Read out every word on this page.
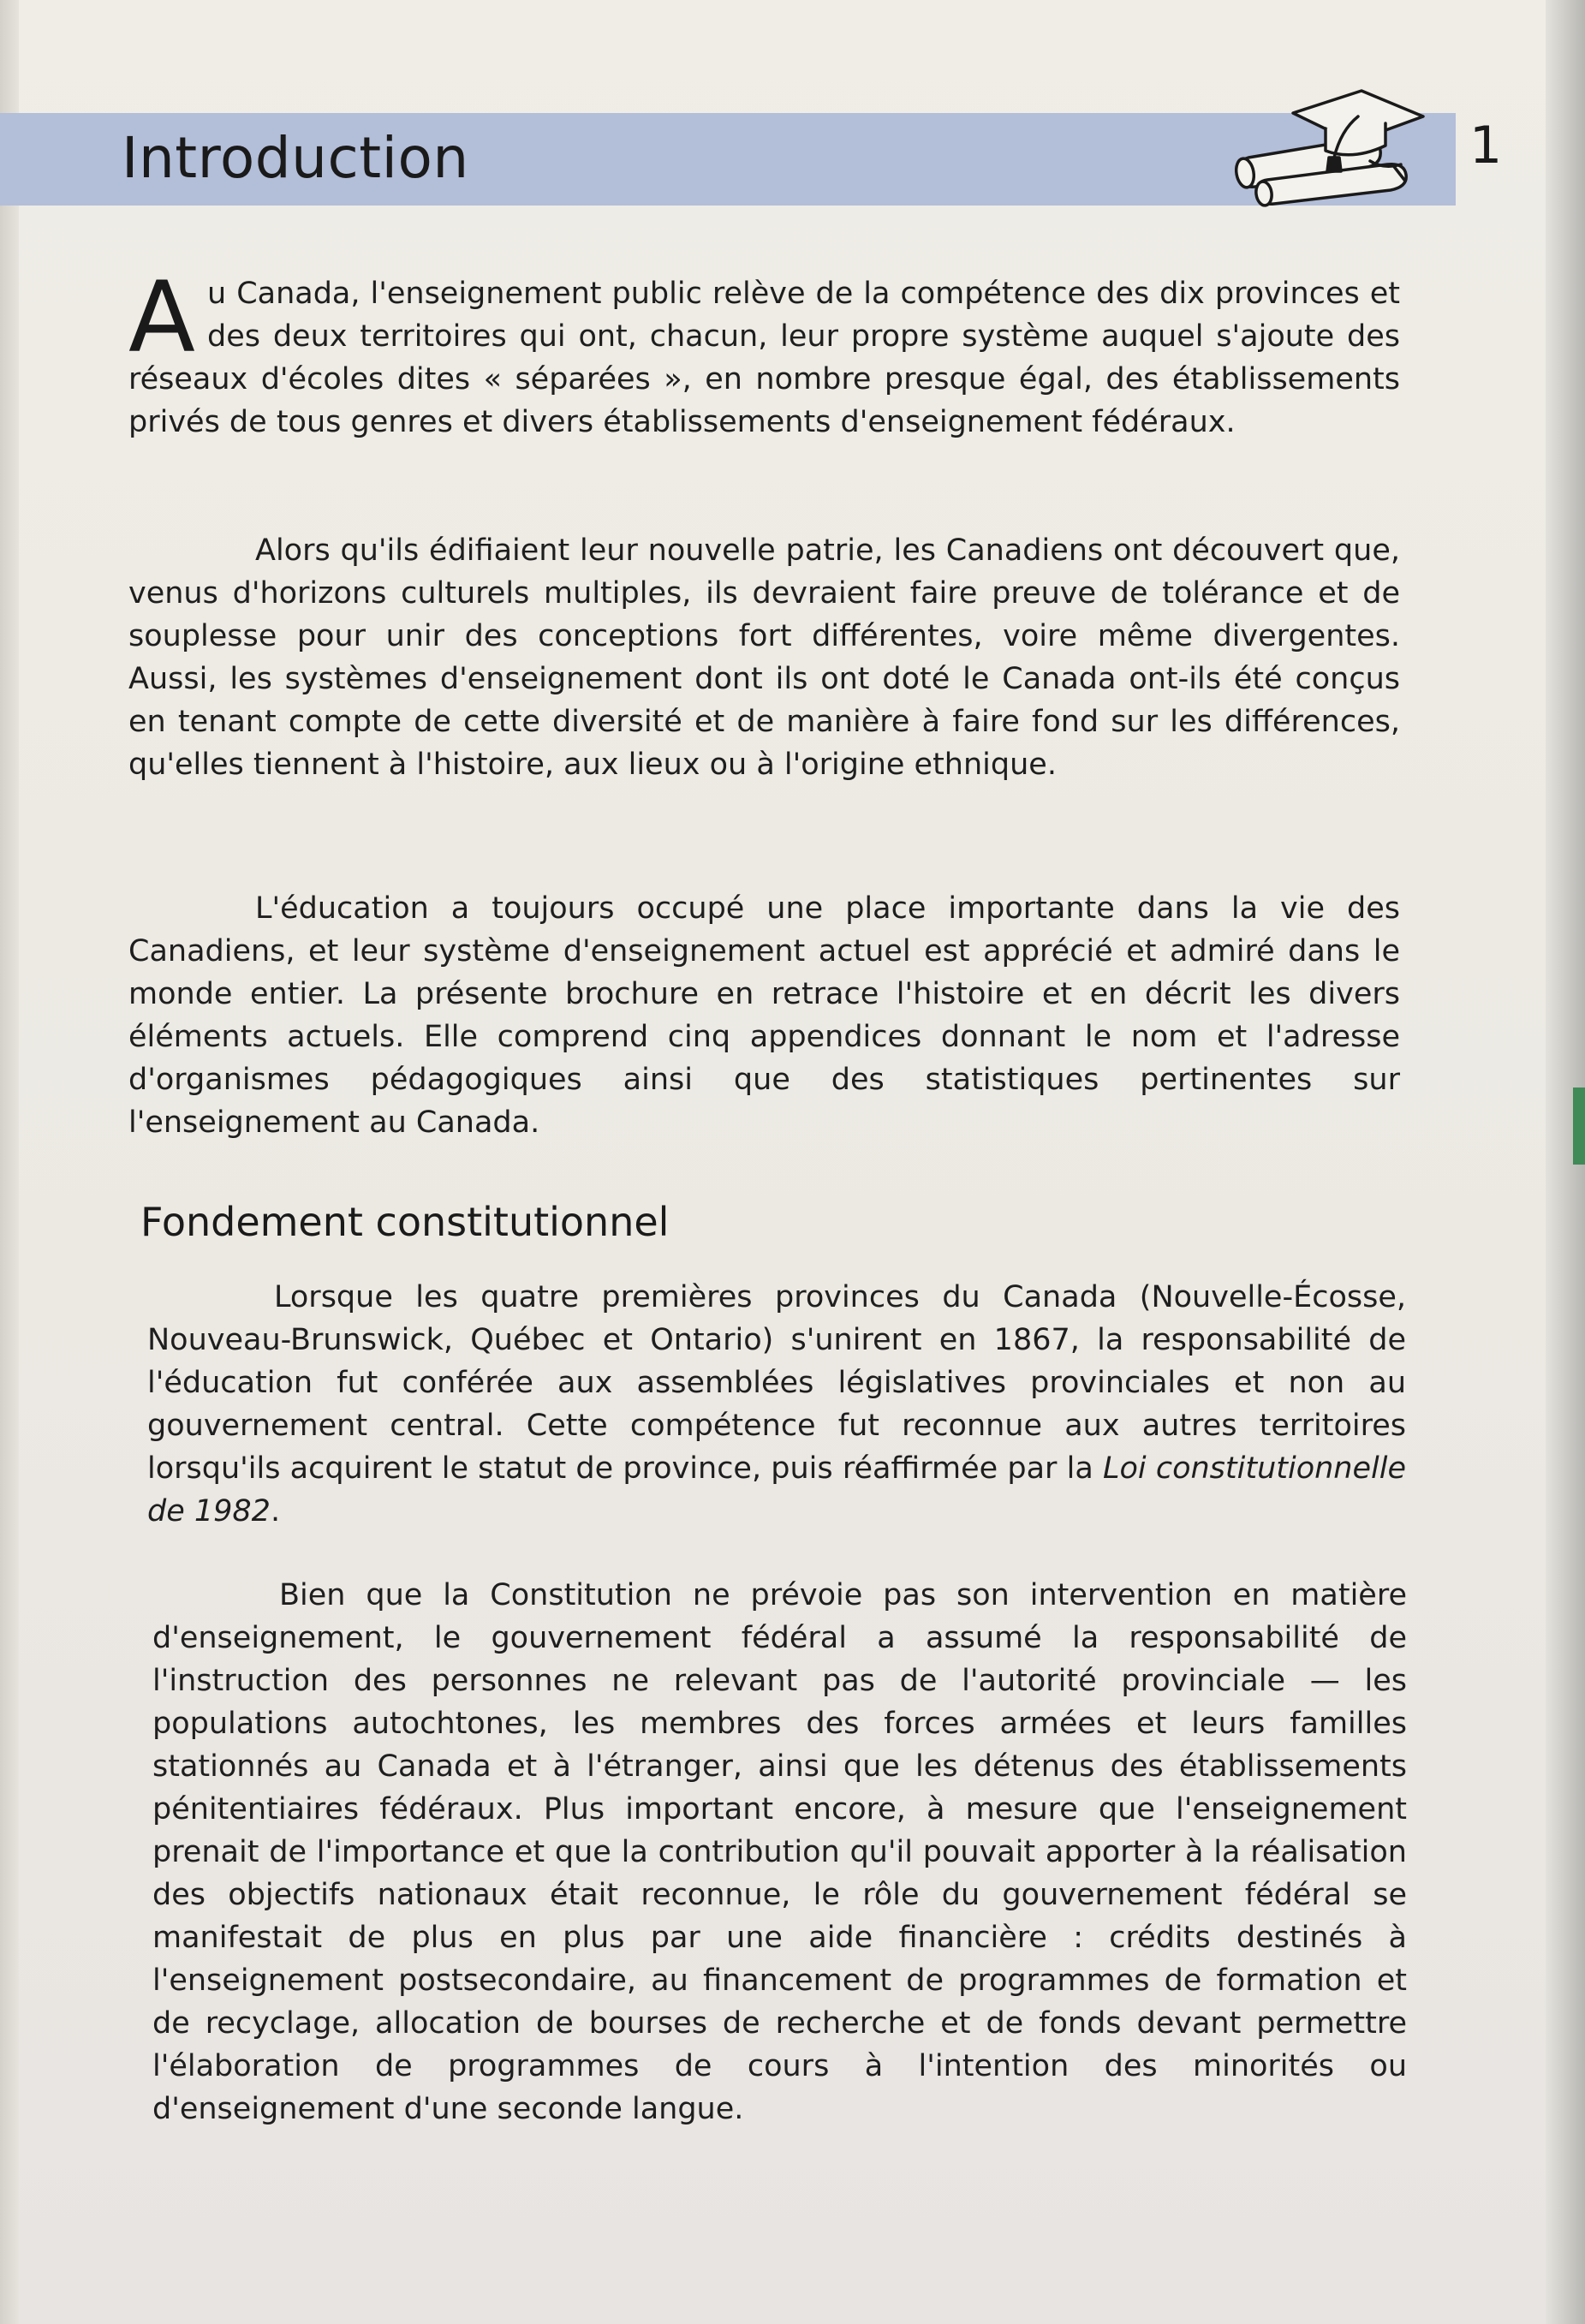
Introduction	1

Au Canada, l'enseignement public relève de la compétence des dix provinces et des deux territoires qui ont, chacun, leur propre système auquel s'ajoute des réseaux d'écoles dites « séparées », en nombre presque égal, des établissements privés de tous genres et divers établissements d'enseignement fédéraux.

Alors qu'ils édifiaient leur nouvelle patrie, les Canadiens ont découvert que, venus d'horizons culturels multiples, ils devraient faire preuve de tolérance et de souplesse pour unir des conceptions fort différentes, voire même divergentes. Aussi, les systèmes d'enseignement dont ils ont doté le Canada ont-ils été conçus en tenant compte de cette diversité et de manière à faire fond sur les différences, qu'elles tiennent à l'histoire, aux lieux ou à l'origine ethnique.

L'éducation a toujours occupé une place importante dans la vie des Canadiens, et leur système d'enseignement actuel est apprécié et admiré dans le monde entier. La présente brochure en retrace l'histoire et en décrit les divers éléments actuels. Elle comprend cinq appendices donnant le nom et l'adresse d'organismes pédagogiques ainsi que des statistiques pertinentes sur l'enseignement au Canada.

Fondement constitutionnel

Lorsque les quatre premières provinces du Canada (Nouvelle-Écosse, Nouveau-Brunswick, Québec et Ontario) s'unirent en 1867, la responsabilité de l'éducation fut conférée aux assemblées législatives provinciales et non au gouvernement central. Cette compétence fut reconnue aux autres territoires lorsqu'ils acquirent le statut de province, puis réaffirmée par la Loi constitutionnelle de 1982.

Bien que la Constitution ne prévoie pas son intervention en matière d'enseignement, le gouvernement fédéral a assumé la responsabilité de l'instruction des personnes ne relevant pas de l'autorité provinciale — les populations autochtones, les membres des forces armées et leurs familles stationnés au Canada et à l'étranger, ainsi que les détenus des établissements pénitentiaires fédéraux. Plus important encore, à mesure que l'enseignement prenait de l'importance et que la contribution qu'il pouvait apporter à la réalisation des objectifs nationaux était reconnue, le rôle du gouvernement fédéral se manifestait de plus en plus par une aide financière : crédits destinés à l'enseignement postsecondaire, au financement de programmes de formation et de recyclage, allocation de bourses de recherche et de fonds devant permettre l'élaboration de programmes de cours à l'intention des minorités ou d'enseignement d'une seconde langue.
